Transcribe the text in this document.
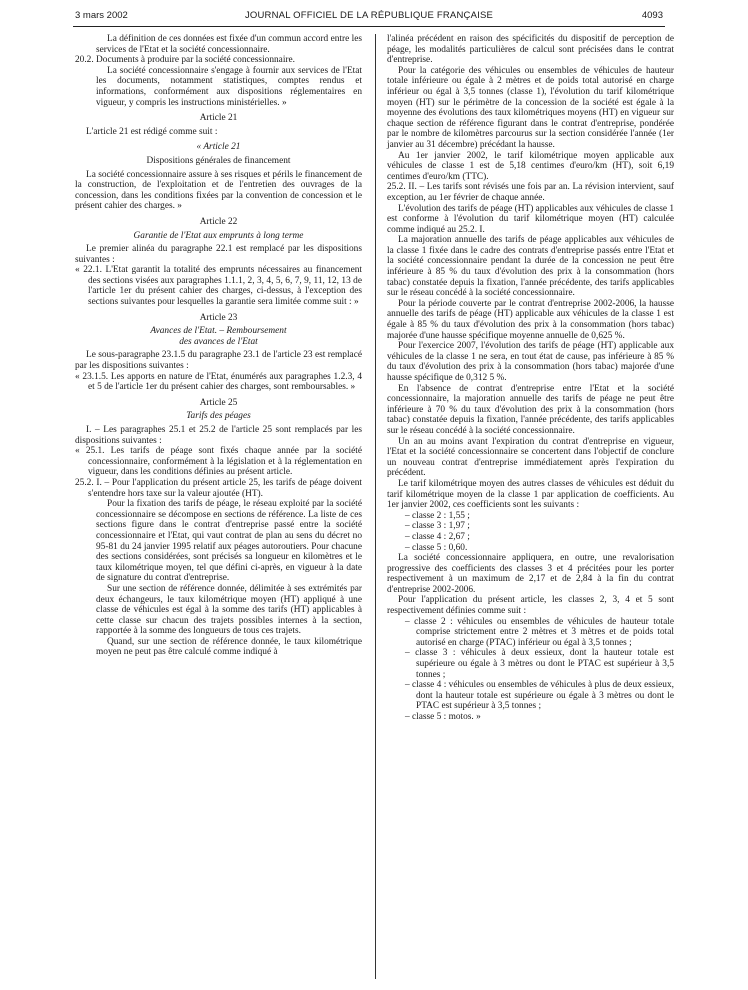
3 mars 2002	JOURNAL OFFICIEL DE LA RÉPUBLIQUE FRANÇAISE	4093

La définition de ces données est fixée d'un commun accord entre les services de l'Etat et la société concessionnaire.

20.2. Documents à produire par la société concessionnaire.

La société concessionnaire s'engage à fournir aux services de l'Etat les documents, notamment statistiques, comptes rendus et informations, conformément aux dispositions réglementaires en vigueur, y compris les instructions ministérielles. »

Article 21

L'article 21 est rédigé comme suit :

« Article 21

Dispositions générales de financement

La société concessionnaire assure à ses risques et périls le financement de la construction, de l'exploitation et de l'entretien des ouvrages de la concession, dans les conditions fixées par la convention de concession et le présent cahier des charges. »

Article 22

Garantie de l'Etat aux emprunts à long terme

Le premier alinéa du paragraphe 22.1 est remplacé par les dispositions suivantes :

« 22.1. L'Etat garantit la totalité des emprunts nécessaires au financement des sections visées aux paragraphes 1.1.1, 2, 3, 4, 5, 6, 7, 9, 11, 12, 13 de l'article 1er du présent cahier des charges, ci-dessus, à l'exception des sections suivantes pour lesquelles la garantie sera limitée comme suit : »

Article 23

Avances de l'Etat. – Remboursement

des avances de l'Etat

Le sous-paragraphe 23.1.5 du paragraphe 23.1 de l'article 23 est remplacé par les dispositions suivantes :

« 23.1.5. Les apports en nature de l'Etat, énumérés aux paragraphes 1.2.3, 4 et 5 de l'article 1er du présent cahier des charges, sont remboursables. »

Article 25

Tarifs des péages

I. – Les paragraphes 25.1 et 25.2 de l'article 25 sont remplacés par les dispositions suivantes :

« 25.1. Les tarifs de péage sont fixés chaque année par la société concessionnaire, conformément à la législation et à la réglementation en vigueur, dans les conditions définies au présent article.

25.2. I. – Pour l'application du présent article 25, les tarifs de péage doivent s'entendre hors taxe sur la valeur ajoutée (HT).

Pour la fixation des tarifs de péage, le réseau exploité par la société concessionnaire se décompose en sections de référence. La liste de ces sections figure dans le contrat d'entreprise passé entre la société concessionnaire et l'Etat, qui vaut contrat de plan au sens du décret no 95-81 du 24 janvier 1995 relatif aux péages autoroutiers. Pour chacune des sections considérées, sont précisés sa longueur en kilomètres et le taux kilométrique moyen, tel que défini ci-après, en vigueur à la date de signature du contrat d'entreprise.

Sur une section de référence donnée, délimitée à ses extrémités par deux échangeurs, le taux kilométrique moyen (HT) appliqué à une classe de véhicules est égal à la somme des tarifs (HT) applicables à cette classe sur chacun des trajets possibles internes à la section, rapportée à la somme des longueurs de tous ces trajets.

Quand, sur une section de référence donnée, le taux kilométrique moyen ne peut pas être calculé comme indiqué à

l'alinéa précédent en raison des spécificités du dispositif de perception de péage, les modalités particulières de calcul sont précisées dans le contrat d'entreprise.

Pour la catégorie des véhicules ou ensembles de véhicules de hauteur totale inférieure ou égale à 2 mètres et de poids total autorisé en charge inférieur ou égal à 3,5 tonnes (classe 1), l'évolution du tarif kilométrique moyen (HT) sur le périmètre de la concession de la société est égale à la moyenne des évolutions des taux kilométriques moyens (HT) en vigueur sur chaque section de référence figurant dans le contrat d'entreprise, pondérée par le nombre de kilomètres parcourus sur la section considérée l'année (1er janvier au 31 décembre) précédant la hausse.

Au 1er janvier 2002, le tarif kilométrique moyen applicable aux véhicules de classe 1 est de 5,18 centimes d'euro/km (HT), soit 6,19 centimes d'euro/km (TTC).

25.2. II. – Les tarifs sont révisés une fois par an. La révision intervient, sauf exception, au 1er février de chaque année.

L'évolution des tarifs de péage (HT) applicables aux véhicules de classe 1 est conforme à l'évolution du tarif kilométrique moyen (HT) calculée comme indiqué au 25.2. I.

La majoration annuelle des tarifs de péage applicables aux véhicules de la classe 1 fixée dans le cadre des contrats d'entreprise passés entre l'Etat et la société concessionnaire pendant la durée de la concession ne peut être inférieure à 85 % du taux d'évolution des prix à la consommation (hors tabac) constatée depuis la fixation, l'année précédente, des tarifs applicables sur le réseau concédé à la société concessionnaire.

Pour la période couverte par le contrat d'entreprise 2002-2006, la hausse annuelle des tarifs de péage (HT) applicable aux véhicules de la classe 1 est égale à 85 % du taux d'évolution des prix à la consommation (hors tabac) majorée d'une hausse spécifique moyenne annuelle de 0,625 %.

Pour l'exercice 2007, l'évolution des tarifs de péage (HT) applicable aux véhicules de la classe 1 ne sera, en tout état de cause, pas inférieure à 85 % du taux d'évolution des prix à la consommation (hors tabac) majorée d'une hausse spécifique de 0,312 5 %.

En l'absence de contrat d'entreprise entre l'Etat et la société concessionnaire, la majoration annuelle des tarifs de péage ne peut être inférieure à 70 % du taux d'évolution des prix à la consommation (hors tabac) constatée depuis la fixation, l'année précédente, des tarifs applicables sur le réseau concédé à la société concessionnaire.

Un an au moins avant l'expiration du contrat d'entreprise en vigueur, l'Etat et la société concessionnaire se concertent dans l'objectif de conclure un nouveau contrat d'entreprise immédiatement après l'expiration du précédent.

Le tarif kilométrique moyen des autres classes de véhicules est déduit du tarif kilométrique moyen de la classe 1 par application de coefficients. Au 1er janvier 2002, ces coefficients sont les suivants :

– classe 2 : 1,55 ;
– classe 3 : 1,97 ;
– classe 4 : 2,67 ;
– classe 5 : 0,60.

La société concessionnaire appliquera, en outre, une revalorisation progressive des coefficients des classes 3 et 4 précitées pour les porter respectivement à un maximum de 2,17 et de 2,84 à la fin du contrat d'entreprise 2002-2006.

Pour l'application du présent article, les classes 2, 3, 4 et 5 sont respectivement définies comme suit :

– classe 2 : véhicules ou ensembles de véhicules de hauteur totale comprise strictement entre 2 mètres et 3 mètres et de poids total autorisé en charge (PTAC) inférieur ou égal à 3,5 tonnes ;
– classe 3 : véhicules à deux essieux, dont la hauteur totale est supérieure ou égale à 3 mètres ou dont le PTAC est supérieur à 3,5 tonnes ;
– classe 4 : véhicules ou ensembles de véhicules à plus de deux essieux, dont la hauteur totale est supérieure ou égale à 3 mètres ou dont le PTAC est supérieur à 3,5 tonnes ;
– classe 5 : motos. »
